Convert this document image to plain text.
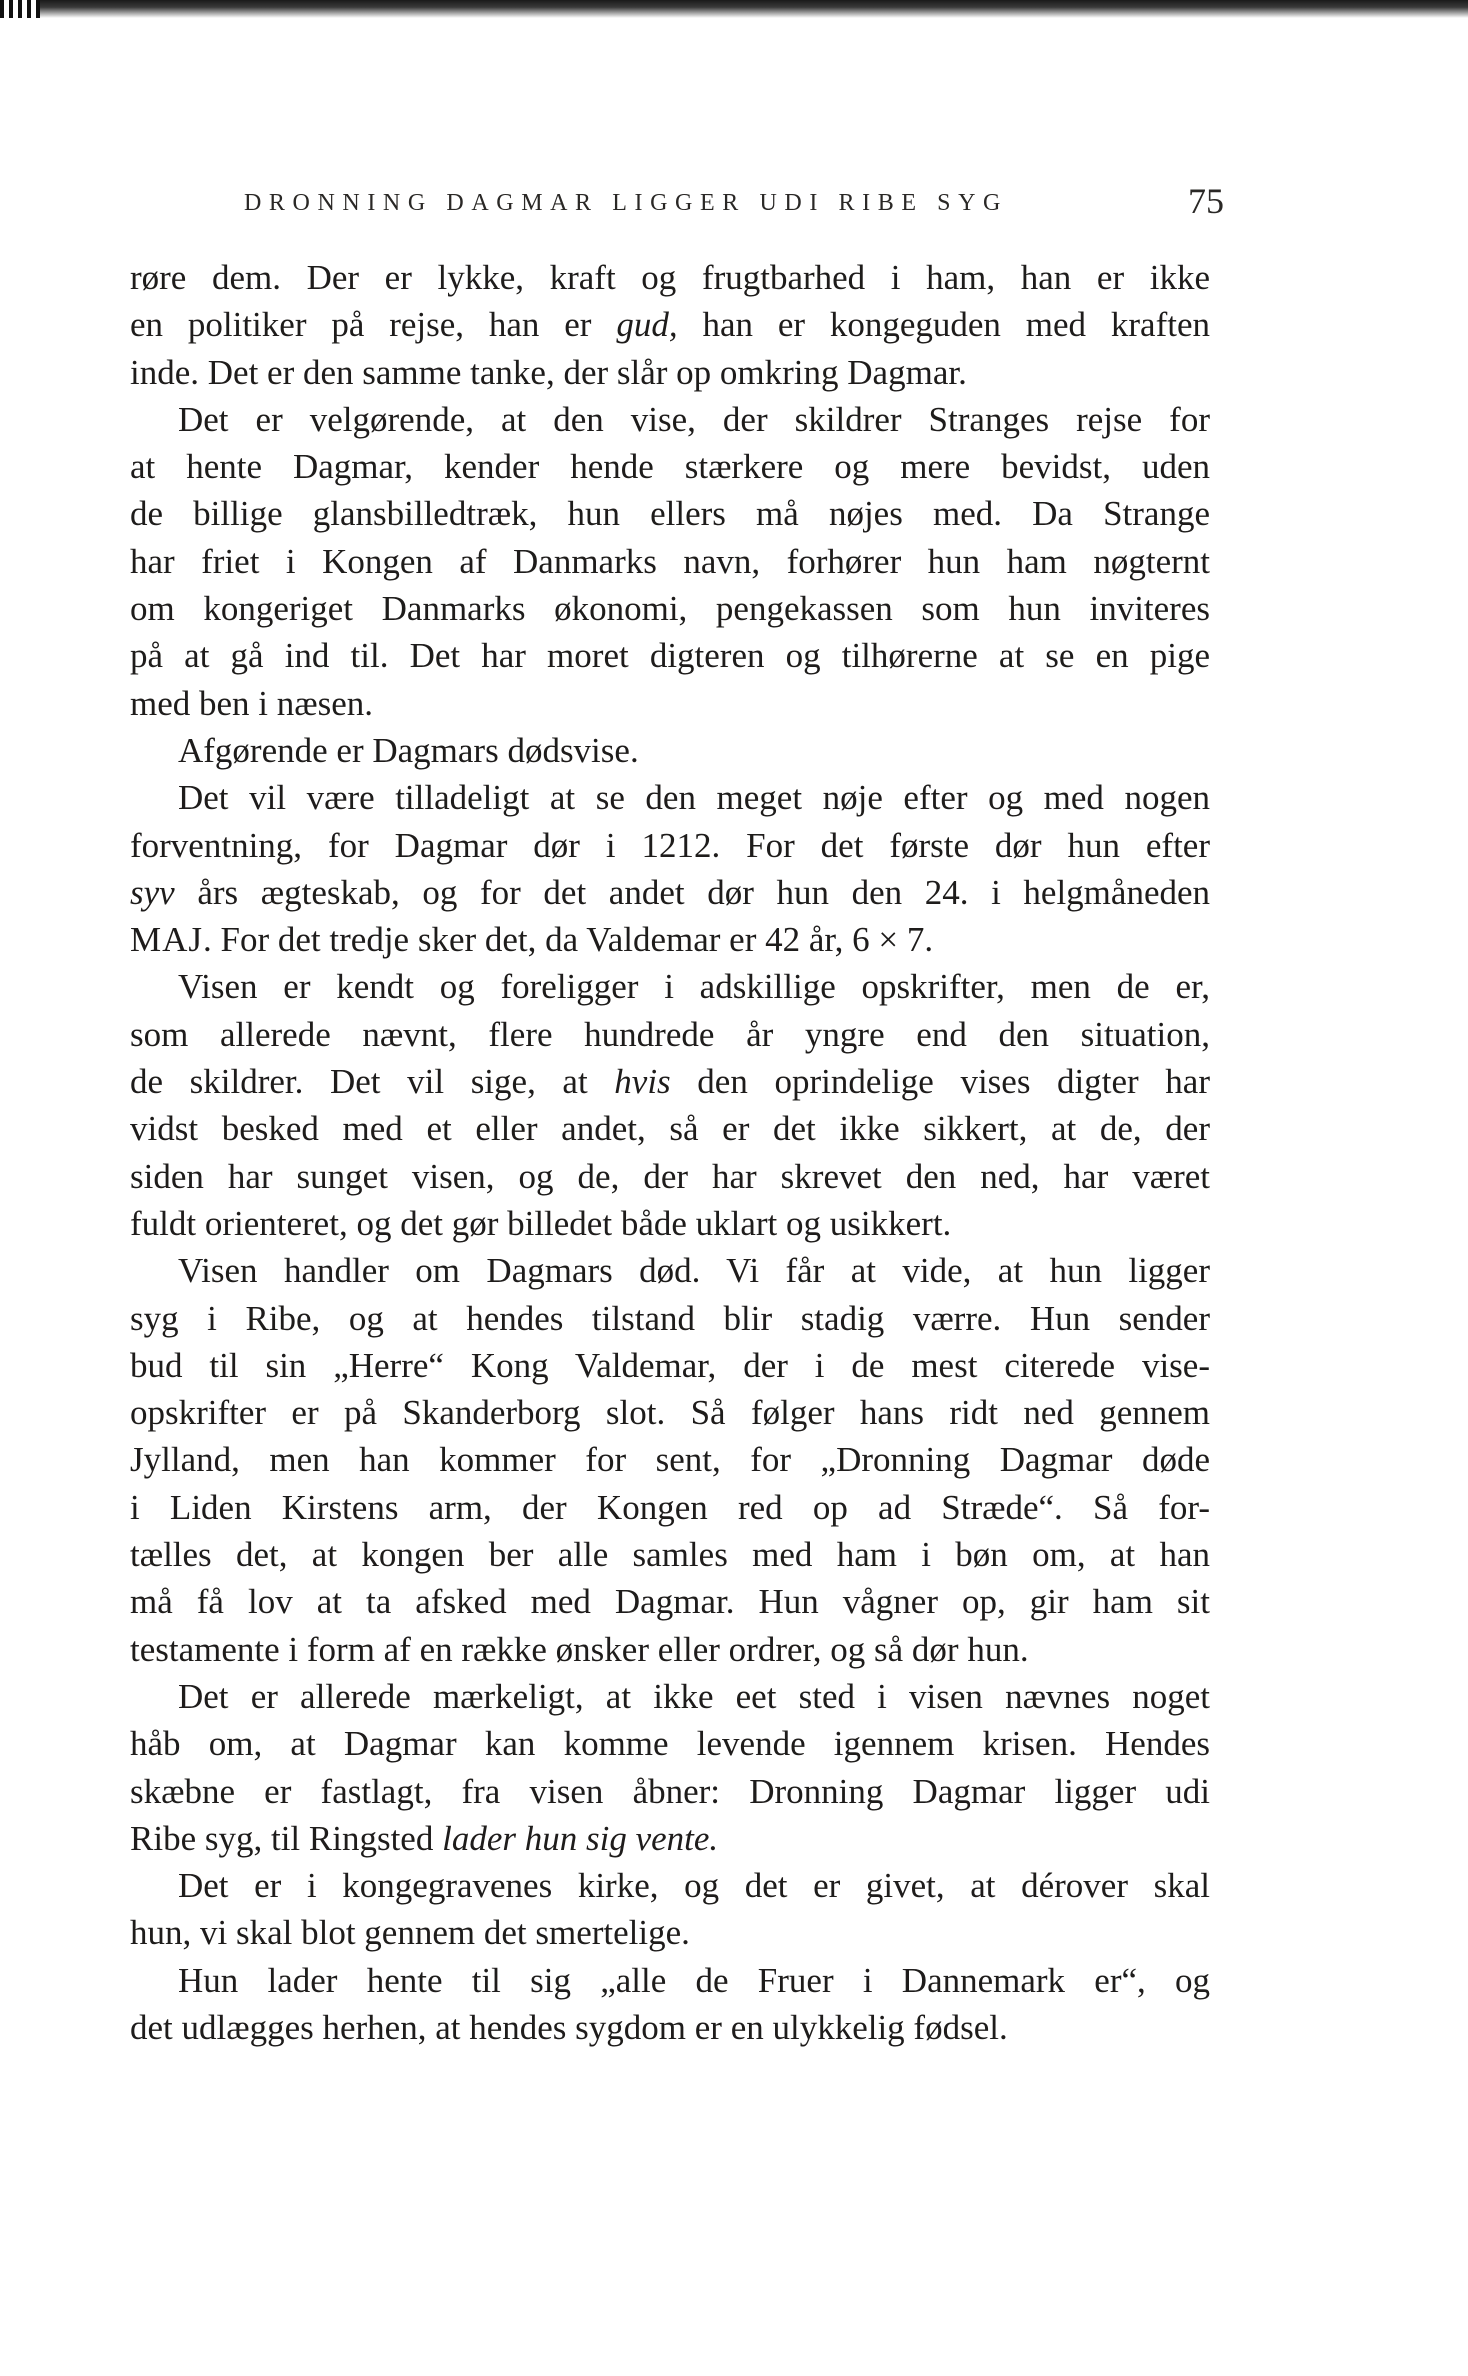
DRONNING DAGMAR LIGGER UDI RIBE SYG	75
røre dem. Der er lykke, kraft og frugtbarhed i ham, han er ikke
en politiker på rejse, han er gud, han er kongeguden med kraften
inde. Det er den samme tanke, der slår op omkring Dagmar.
Det er velgørende, at den vise, der skildrer Stranges rejse for
at hente Dagmar, kender hende stærkere og mere bevidst, uden
de billige glansbilledtræk, hun ellers må nøjes med. Da Strange
har friet i Kongen af Danmarks navn, forhører hun ham nøgternt
om kongeriget Danmarks økonomi, pengekassen som hun inviteres
på at gå ind til. Det har moret digteren og tilhørerne at se en pige
med ben i næsen.
Afgørende er Dagmars dødsvise.
Det vil være tilladeligt at se den meget nøje efter og med nogen
forventning, for Dagmar dør i 1212. For det første dør hun efter
syv års ægteskab, og for det andet dør hun den 24. i helgmåneden
MAJ. For det tredje sker det, da Valdemar er 42 år, 6 × 7.
Visen er kendt og foreligger i adskillige opskrifter, men de er,
som allerede nævnt, flere hundrede år yngre end den situation,
de skildrer. Det vil sige, at hvis den oprindelige vises digter har
vidst besked med et eller andet, så er det ikke sikkert, at de, der
siden har sunget visen, og de, der har skrevet den ned, har været
fuldt orienteret, og det gør billedet både uklart og usikkert.
Visen handler om Dagmars død. Vi får at vide, at hun ligger
syg i Ribe, og at hendes tilstand blir stadig værre. Hun sender
bud til sin „Herre“ Kong Valdemar, der i de mest citerede vise-
opskrifter er på Skanderborg slot. Så følger hans ridt ned gennem
Jylland, men han kommer for sent, for „Dronning Dagmar døde
i Liden Kirstens arm, der Kongen red op ad Stræde“. Så for-
tælles det, at kongen ber alle samles med ham i bøn om, at han
må få lov at ta afsked med Dagmar. Hun vågner op, gir ham sit
testamente i form af en række ønsker eller ordrer, og så dør hun.
Det er allerede mærkeligt, at ikke eet sted i visen nævnes noget
håb om, at Dagmar kan komme levende igennem krisen. Hendes
skæbne er fastlagt, fra visen åbner: Dronning Dagmar ligger udi
Ribe syg, til Ringsted lader hun sig vente.
Det er i kongegravenes kirke, og det er givet, at dérover skal
hun, vi skal blot gennem det smertelige.
Hun lader hente til sig „alle de Fruer i Dannemark er“, og
det udlægges herhen, at hendes sygdom er en ulykkelig fødsel.
